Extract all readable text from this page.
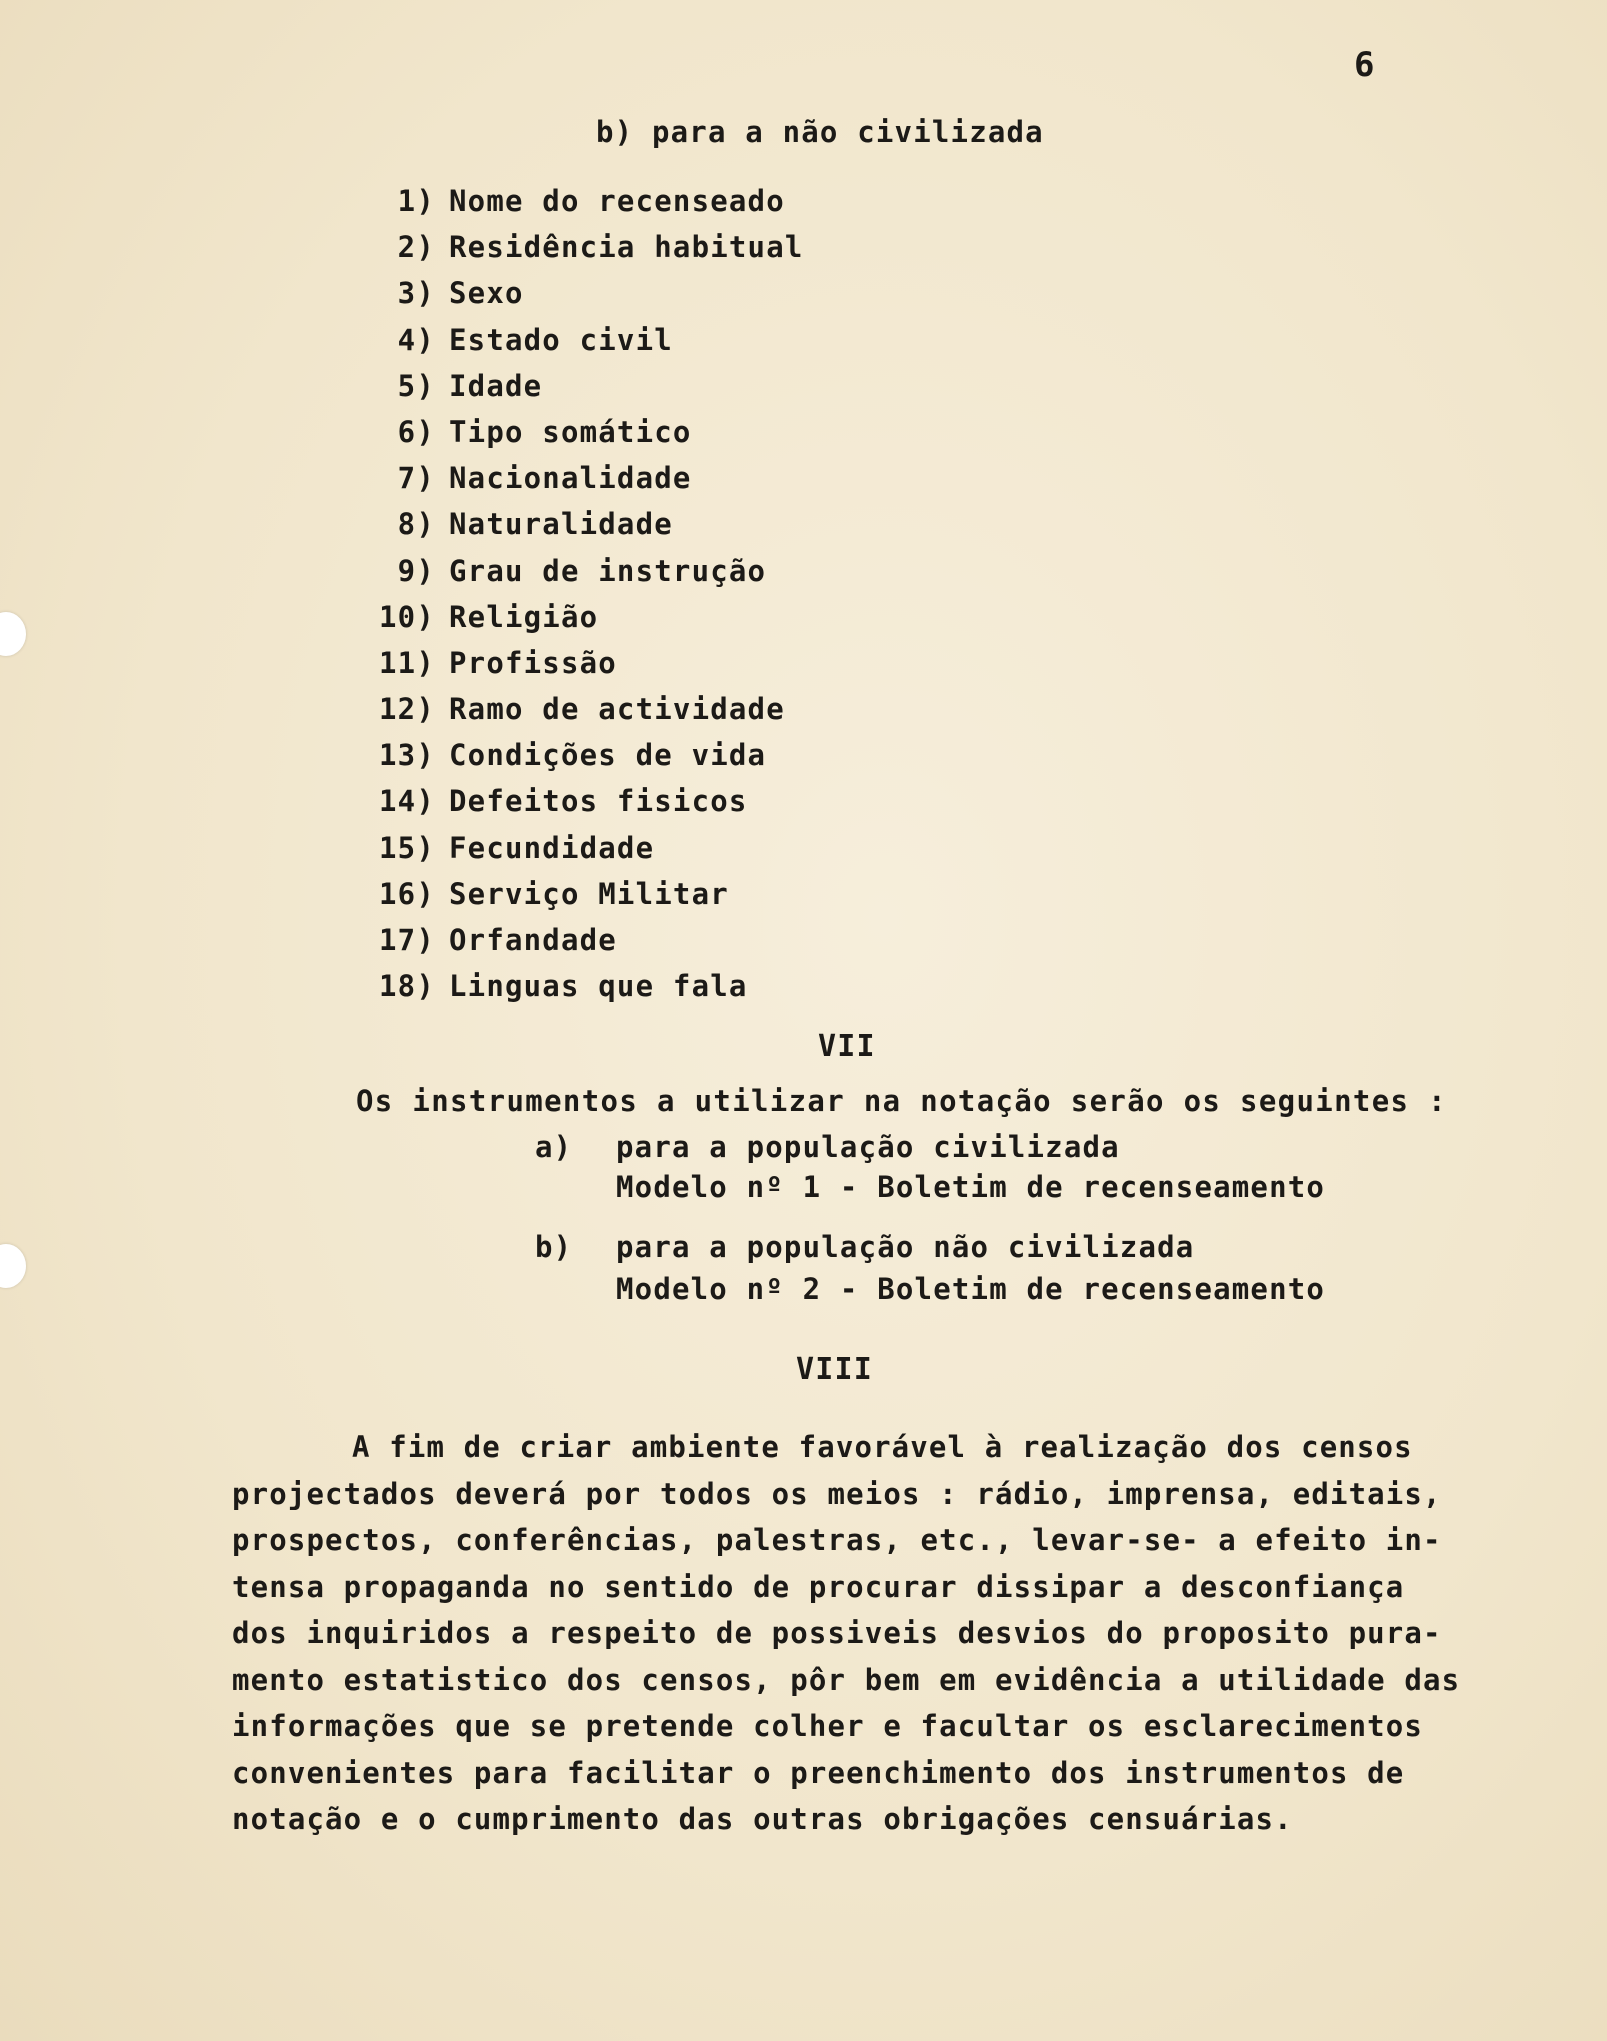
6
b) para a não civilizada
1) Nome do recenseado
2) Residência habitual
3) Sexo
4) Estado civil
5) Idade
6) Tipo somático
7) Nacionalidade
8) Naturalidade
9) Grau de instrução
10) Religião
11) Profissão
12) Ramo de actividade
13) Condições de vida
14) Defeitos fisicos
15) Fecundidade
16) Serviço Militar
17) Orfandade
18) Linguas que fala
VII
Os instrumentos a utilizar na notação serão os seguintes :
a) para a população civilizada
Modelo nº 1 - Boletim de recenseamento
b) para a população não civilizada
Modelo nº 2 - Boletim de recenseamento
VIII
A fim de criar ambiente favorável à realização dos censos
projectados deverá por todos os meios : rádio, imprensa, editais,
prospectos, conferências, palestras, etc., levar-se- a efeito in-
tensa propaganda no sentido de procurar dissipar a desconfiança
dos inquiridos a respeito de possiveis desvios do proposito pura-
mento estatistico dos censos, pôr bem em evidência a utilidade das
informações que se pretende colher e facultar os esclarecimentos
convenientes para facilitar o preenchimento dos instrumentos de
notação e o cumprimento das outras obrigações censuárias.
